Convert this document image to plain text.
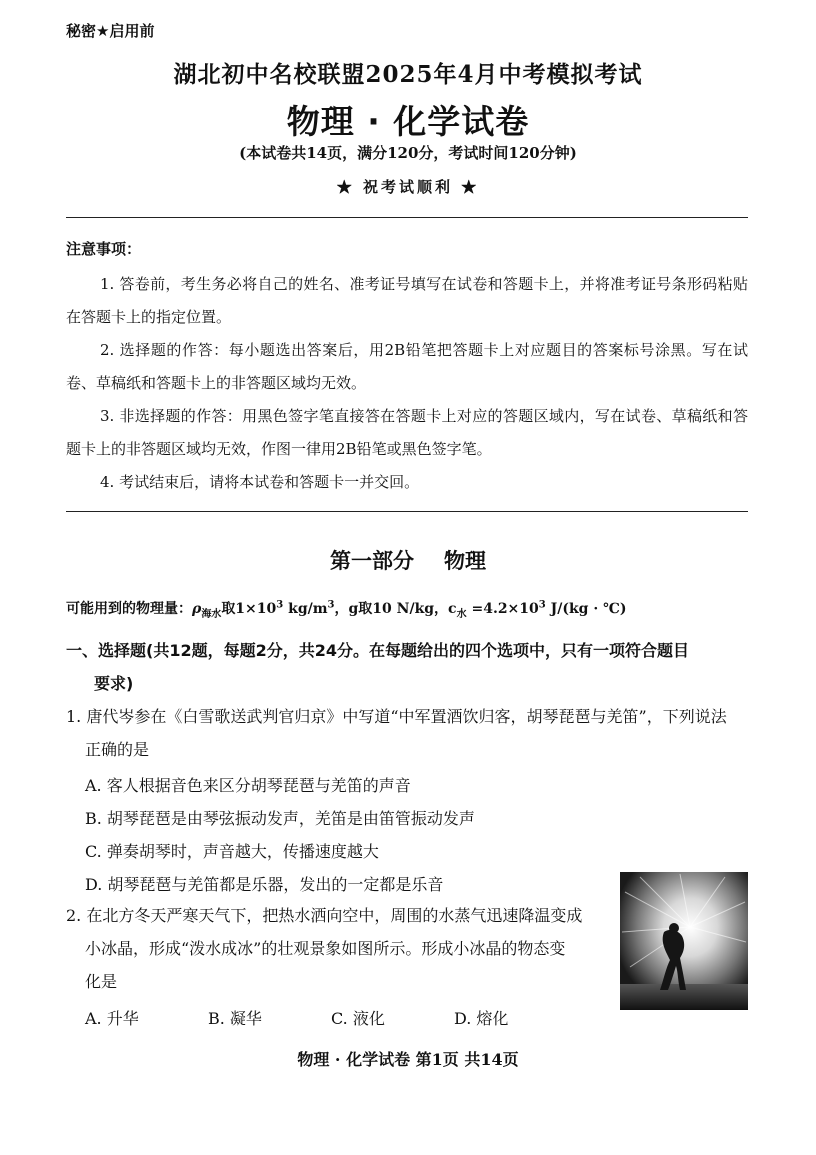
秘密★启用前
湖北初中名校联盟2025年4月中考模拟考试
物理 · 化学试卷
(本试卷共14页，满分120分，考试时间120分钟)
★ 祝考试顺利 ★
注意事项：
1. 答卷前，考生务必将自己的姓名、准考证号填写在试卷和答题卡上，并将准考证号条形码粘贴在答题卡上的指定位置。
2. 选择题的作答：每小题选出答案后，用2B铅笔把答题卡上对应题目的答案标号涂黑。写在试卷、草稿纸和答题卡上的非答题区域均无效。
3. 非选择题的作答：用黑色签字笔直接答在答题卡上对应的答题区域内，写在试卷、草稿纸和答题卡上的非答题区域均无效，作图一律用2B铅笔或黑色签字笔。
4. 考试结束后，请将本试卷和答题卡一并交回。
第一部分 物理
可能用到的物理量：$\rho_{海水}$取$1\times 10^3$ $kg/m^3$，g取10 N/kg，$c_水 =4.2\times 10^3$ J/(kg · ℃)
一、选择题(共12题，每题2分，共24分。在每题给出的四个选项中，只有一项符合题目
要求)
1. 唐代岑参在《白雪歌送武判官归京》中写道“中军置酒饮归客，胡琴琵琶与羌笛”，下列说法
正确的是
A. 客人根据音色来区分胡琴琵琶与羌笛的声音
B. 胡琴琵琶是由琴弦振动发声，羌笛是由笛管振动发声
C. 弹奏胡琴时，声音越大，传播速度越大
D. 胡琴琵琶与羌笛都是乐器，发出的一定都是乐音
2. 在北方冬天严寒天气下，把热水洒向空中，周围的水蒸气迅速降温变成
小冰晶，形成“泼水成冰”的壮观景象如图所示。形成小冰晶的物态变
化是
A. 升华	B. 凝华	C. 液化	D. 熔化
物理 · 化学试卷 第1页 共14页
